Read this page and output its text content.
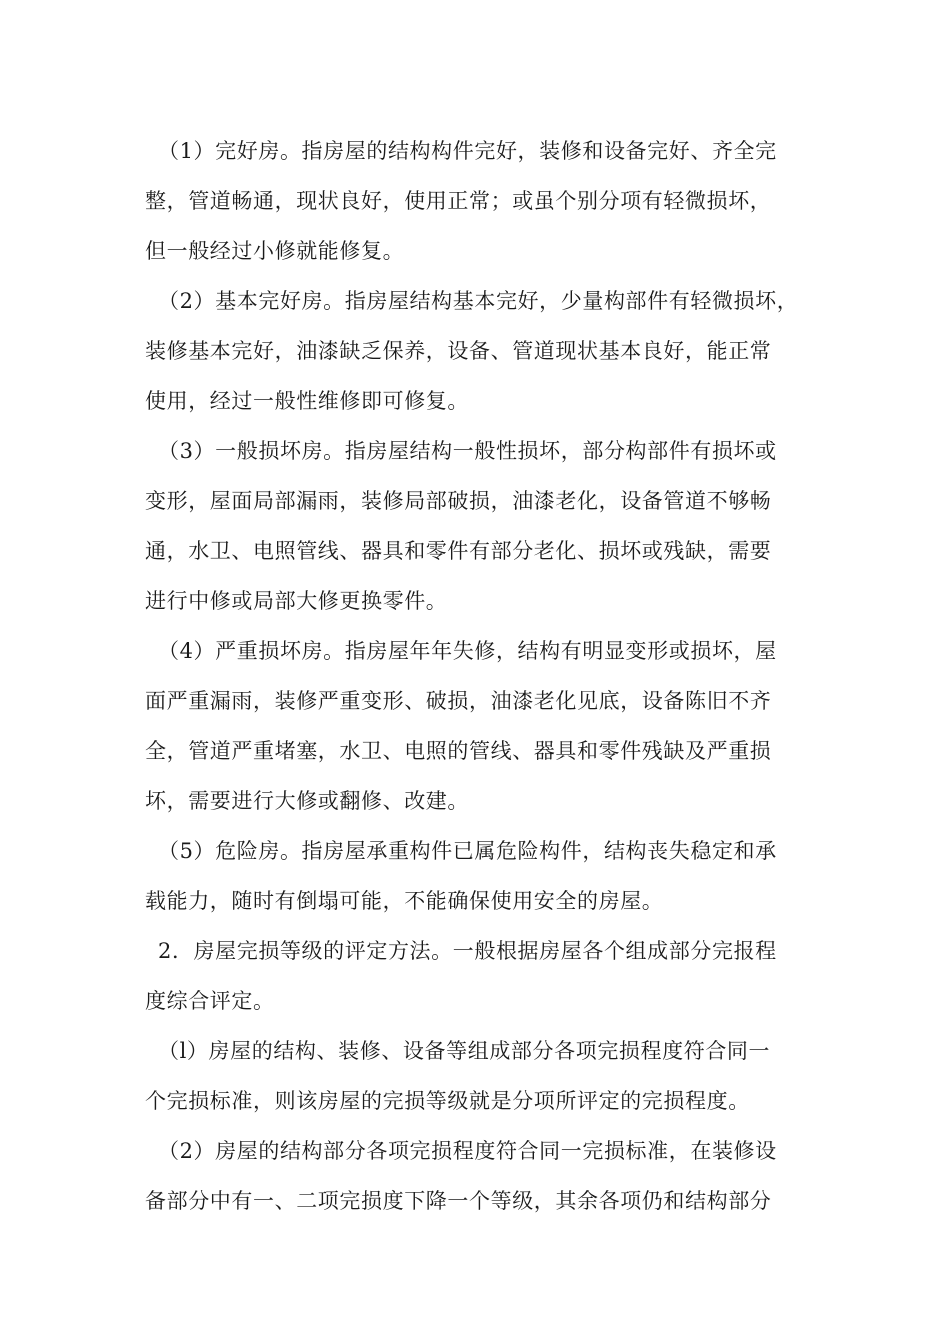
（1）完好房。指房屋的结构构件完好，装修和设备完好、齐全完
整，管道畅通，现状良好，使用正常；或虽个别分项有轻微损坏，
但一般经过小修就能修复。
（2）基本完好房。指房屋结构基本完好，少量构部件有轻微损坏，
装修基本完好，油漆缺乏保养，设备、管道现状基本良好，能正常
使用，经过一般性维修即可修复。
（3）一般损坏房。指房屋结构一般性损坏，部分构部件有损坏或
变形，屋面局部漏雨，装修局部破损，油漆老化，设备管道不够畅
通，水卫、电照管线、器具和零件有部分老化、损坏或残缺，需要
进行中修或局部大修更换零件。
（4）严重损坏房。指房屋年年失修，结构有明显变形或损坏，屋
面严重漏雨，装修严重变形、破损，油漆老化见底，设备陈旧不齐
全，管道严重堵塞，水卫、电照的管线、器具和零件残缺及严重损
坏，需要进行大修或翻修、改建。
（5）危险房。指房屋承重构件已属危险构件，结构丧失稳定和承
载能力，随时有倒塌可能，不能确保使用安全的房屋。
2．房屋完损等级的评定方法。一般根据房屋各个组成部分完报程
度综合评定。
（l）房屋的结构、装修、设备等组成部分各项完损程度符合同一
个完损标准，则该房屋的完损等级就是分项所评定的完损程度。
（2）房屋的结构部分各项完损程度符合同一完损标准，在装修设
备部分中有一、二项完损度下降一个等级，其余各项仍和结构部分
